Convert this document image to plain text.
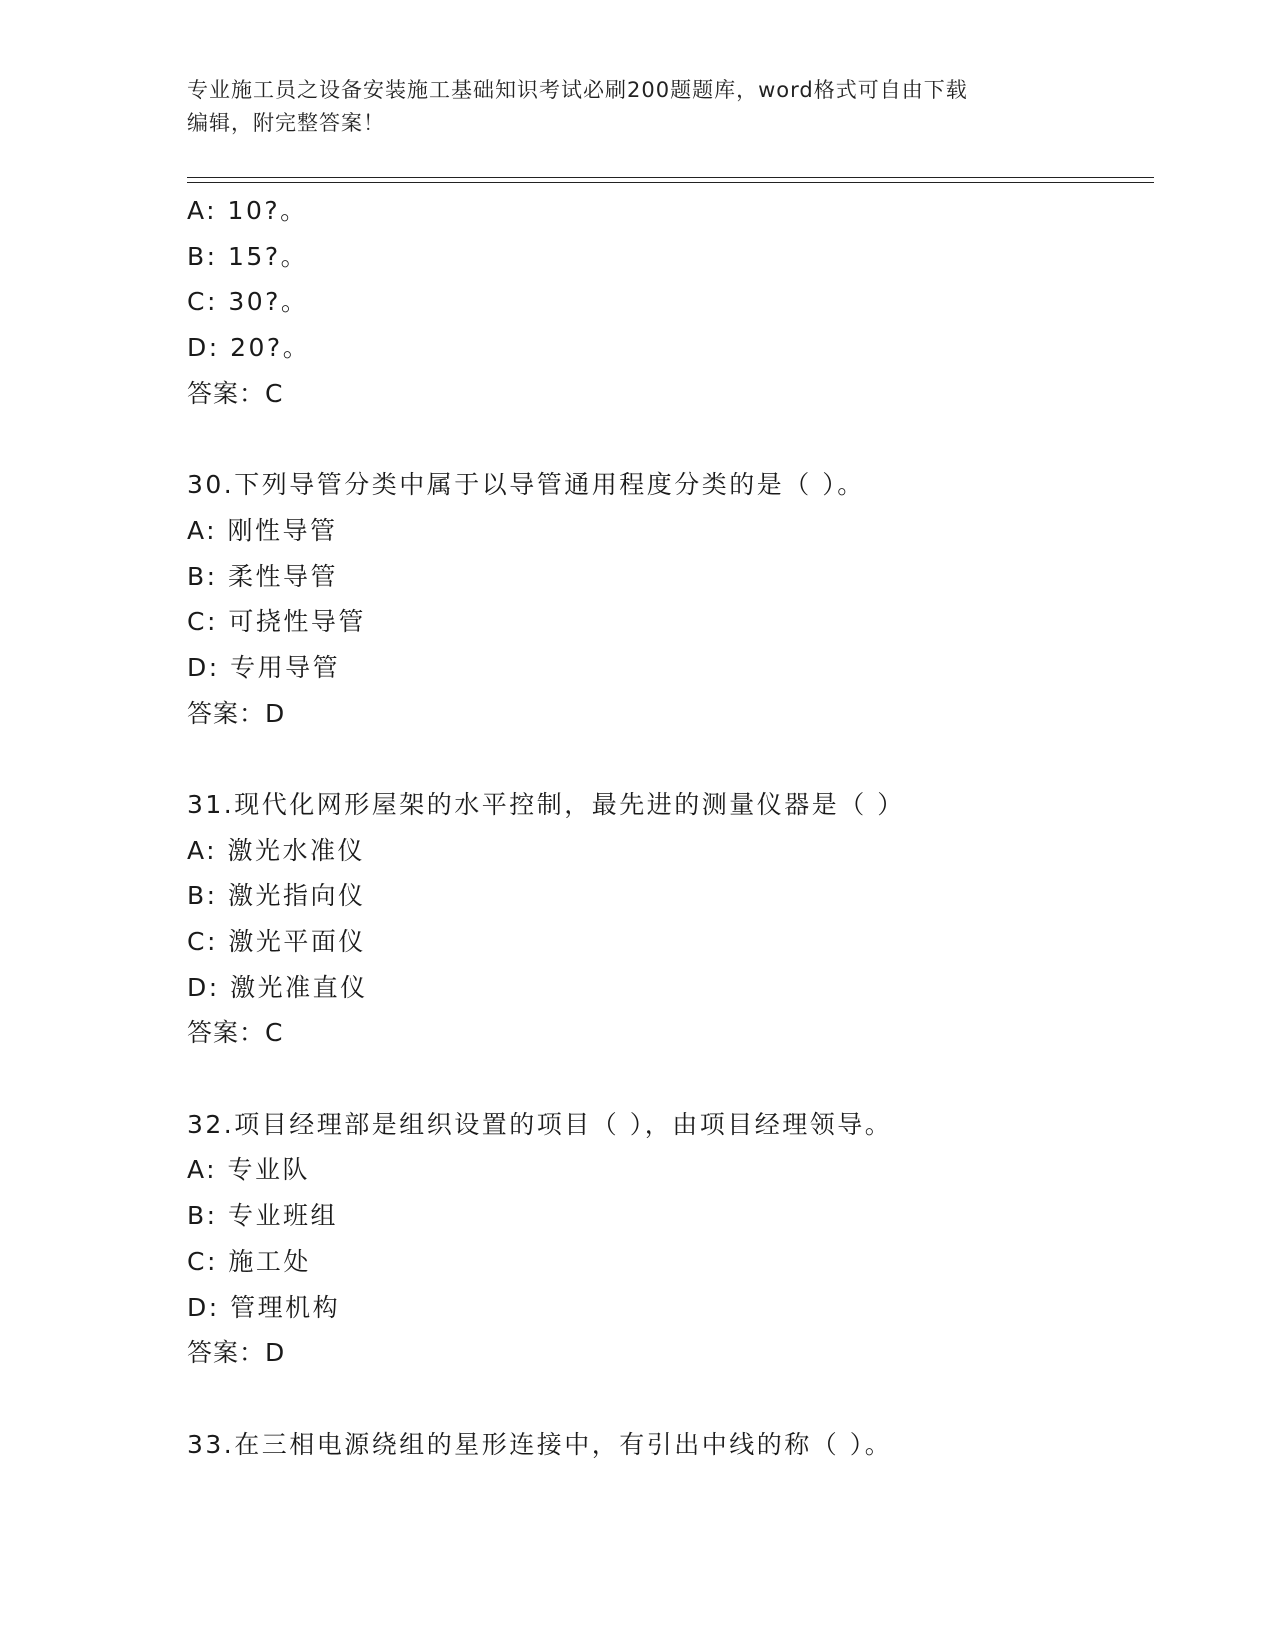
专业施工员之设备安装施工基础知识考试必刷200题题库，word格式可自由下载
编辑，附完整答案！
A: 10?。
B: 15?。
C: 30?。
D: 20?。
答案：C
30.下列导管分类中属于以导管通用程度分类的是（ ）。
A: 刚性导管
B: 柔性导管
C: 可挠性导管
D: 专用导管
答案：D
31.现代化网形屋架的水平控制，最先进的测量仪器是（ ）
A: 激光水准仪
B: 激光指向仪
C: 激光平面仪
D: 激光准直仪
答案：C
32.项目经理部是组织设置的项目（ ），由项目经理领导。
A: 专业队
B: 专业班组
C: 施工处
D: 管理机构
答案：D
33.在三相电源绕组的星形连接中，有引出中线的称（ ）。
